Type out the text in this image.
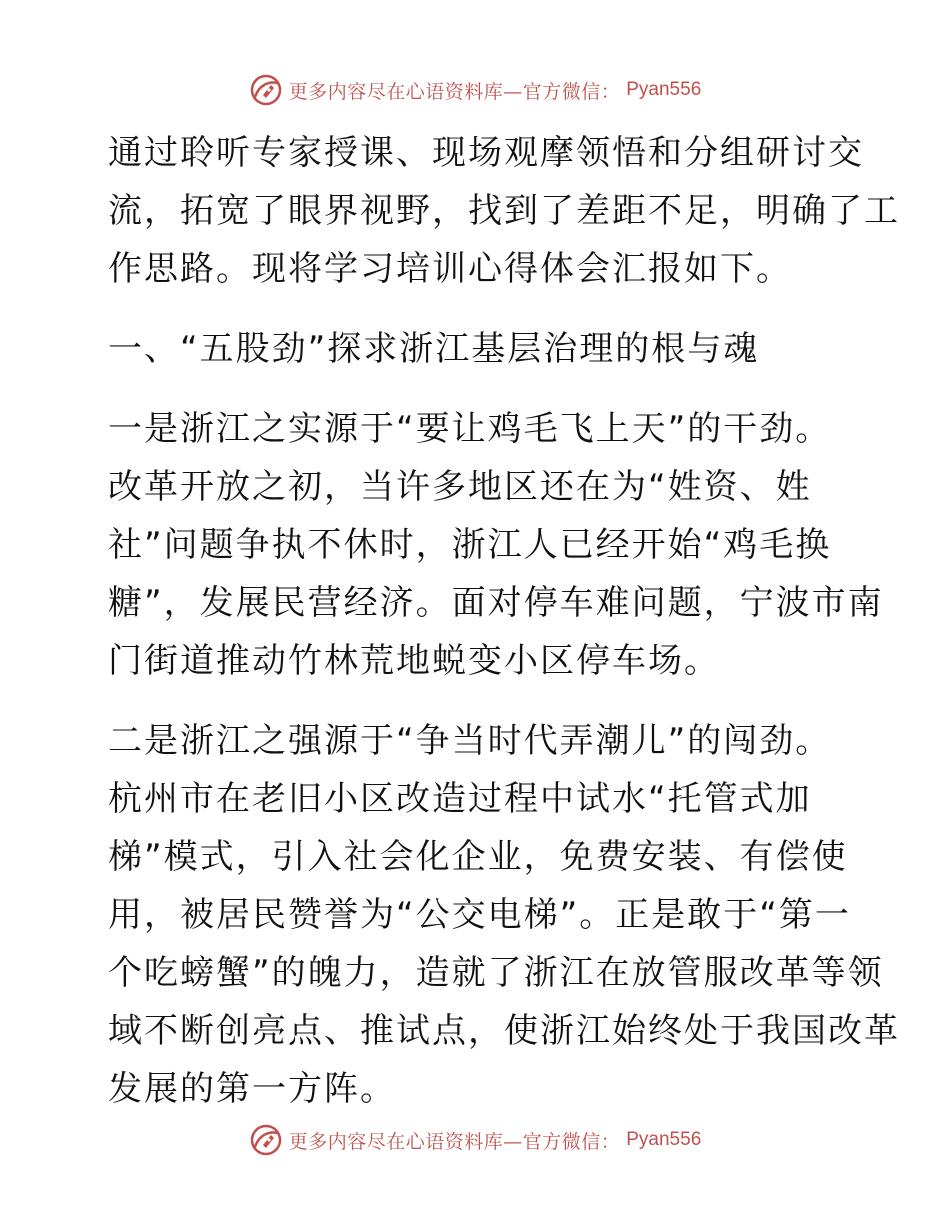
更多内容尽在心语资料库—官方微信： Pyan556

通过聆听专家授课、现场观摩领悟和分组研讨交
流，拓宽了眼界视野，找到了差距不足，明确了工
作思路。现将学习培训心得体会汇报如下。

一、“五股劲”探求浙江基层治理的根与魂

一是浙江之实源于“要让鸡毛飞上天”的干劲。
改革开放之初，当许多地区还在为“姓资、姓
社”问题争执不休时，浙江人已经开始“鸡毛换
糖”，发展民营经济。面对停车难问题，宁波市南
门街道推动竹林荒地蜕变小区停车场。

二是浙江之强源于“争当时代弄潮儿”的闯劲。
杭州市在老旧小区改造过程中试水“托管式加
梯”模式，引入社会化企业，免费安装、有偿使
用，被居民赞誉为“公交电梯”。正是敢于“第一
个吃螃蟹”的魄力，造就了浙江在放管服改革等领
域不断创亮点、推试点，使浙江始终处于我国改革
发展的第一方阵。

更多内容尽在心语资料库—官方微信： Pyan556
